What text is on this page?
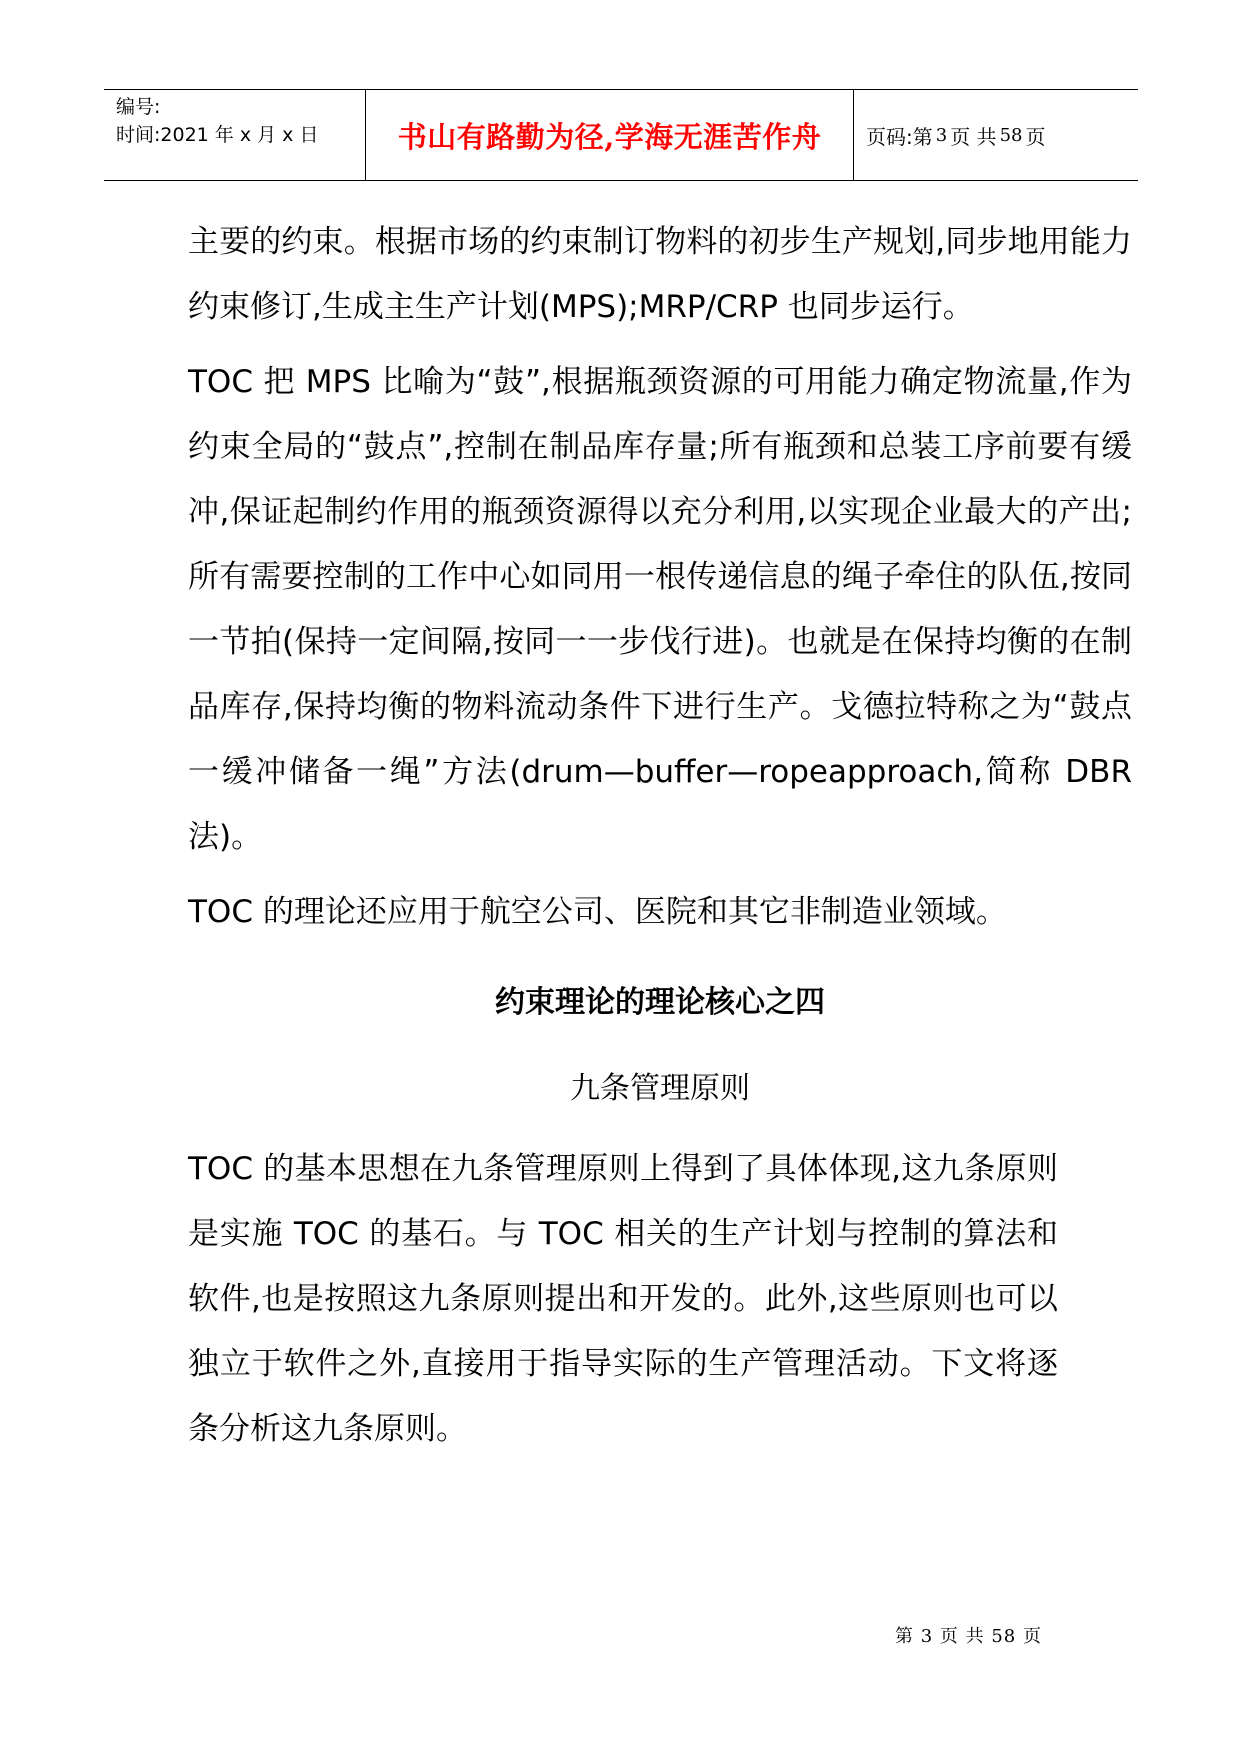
编号:
时间:2021 年 x 月 x 日	书山有路勤为径,学海无涯苦作舟	页码:第 3 页 共 58 页

主要的约束。根据市场的约束制订物料的初步生产规划,同步地用能力约束修订,生成主生产计划(MPS);MRP/CRP 也同步运行。

TOC 把 MPS 比喻为“鼓”,根据瓶颈资源的可用能力确定物流量,作为约束全局的“鼓点”,控制在制品库存量;所有瓶颈和总装工序前要有缓冲,保证起制约作用的瓶颈资源得以充分利用,以实现企业最大的产出;所有需要控制的工作中心如同用一根传递信息的绳子牵住的队伍,按同一节拍(保持一定间隔,按同一一步伐行进)。也就是在保持均衡的在制品库存,保持均衡的物料流动条件下进行生产。戈德拉特称之为“鼓点一缓冲储备一绳”方法(drum—buffer—ropeapproach,简称 DBR 法)。

TOC 的理论还应用于航空公司、医院和其它非制造业领域。

约束理论的理论核心之四
九条管理原则

TOC 的基本思想在九条管理原则上得到了具体体现,这九条原则是实施 TOC 的基石。与 TOC 相关的生产计划与控制的算法和软件,也是按照这九条原则提出和开发的。此外,这些原则也可以独立于软件之外,直接用于指导实际的生产管理活动。下文将逐条分析这九条原则。

第 3 页 共 58 页
